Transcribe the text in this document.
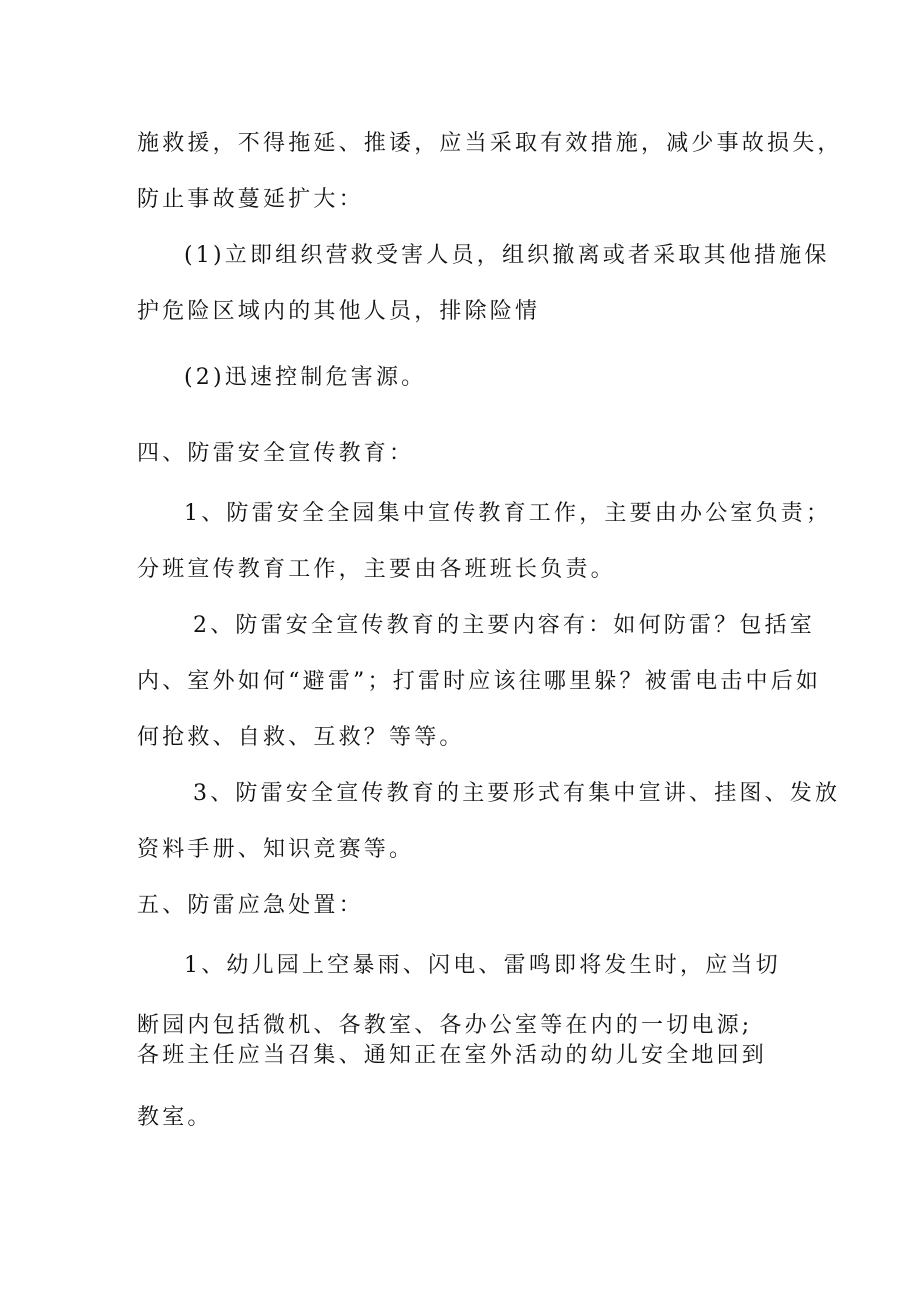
施救援，不得拖延、推诿，应当采取有效措施，减少事故损失，
防止事故蔓延扩大：
(1)立即组织营救受害人员，组织撤离或者采取其他措施保
护危险区域内的其他人员，排除险情
(2)迅速控制危害源。
四、防雷安全宣传教育：
1、防雷安全全园集中宣传教育工作，主要由办公室负责；
分班宣传教育工作，主要由各班班长负责。
2、防雷安全宣传教育的主要内容有：如何防雷？包括室
内、室外如何“避雷”；打雷时应该往哪里躲？被雷电击中后如
何抢救、自救、互救？等等。
3、防雷安全宣传教育的主要形式有集中宣讲、挂图、发放
资料手册、知识竞赛等。
五、防雷应急处置：
1、幼儿园上空暴雨、闪电、雷鸣即将发生时，应当切
断园内包括微机、各教室、各办公室等在内的一切电源;
各班主任应当召集、通知正在室外活动的幼儿安全地回到
教室。
